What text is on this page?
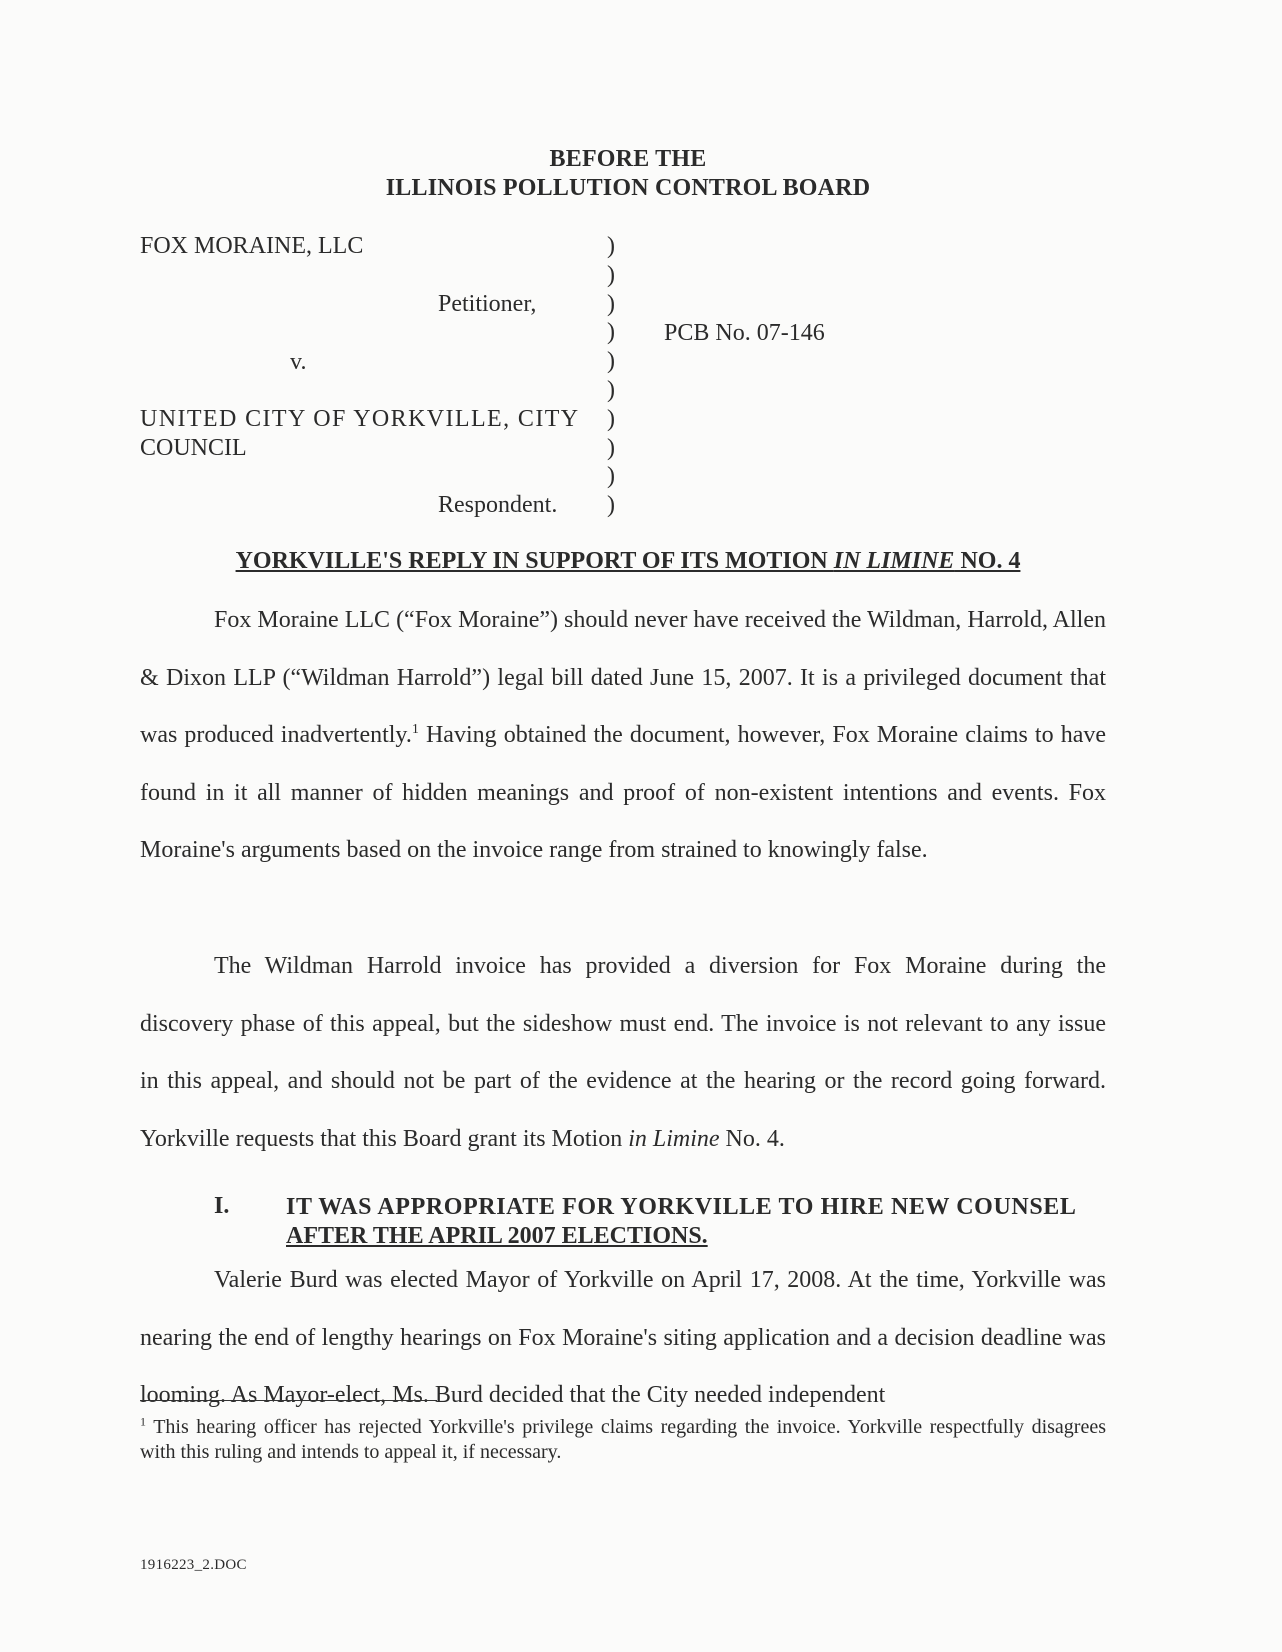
BEFORE THE
ILLINOIS POLLUTION CONTROL BOARD
FOX MORAINE, LLC
Petitioner,
v.
UNITED CITY OF YORKVILLE, CITY
COUNCIL
Respondent.
PCB No. 07-146
)
)
)
)
)
)
)
)
)
)
YORKVILLE'S REPLY IN SUPPORT OF ITS MOTION IN LIMINE NO. 4

Fox Moraine LLC (“Fox Moraine”) should never have received the Wildman, Harrold, Allen & Dixon LLP (“Wildman Harrold”) legal bill dated June 15, 2007. It is a privileged document that was produced inadvertently.$^1$ Having obtained the document, however, Fox Moraine claims to have found in it all manner of hidden meanings and proof of non-existent intentions and events. Fox Moraine's arguments based on the invoice range from strained to knowingly false.

The Wildman Harrold invoice has provided a diversion for Fox Moraine during the discovery phase of this appeal, but the sideshow must end. The invoice is not relevant to any issue in this appeal, and should not be part of the evidence at the hearing or the record going forward. Yorkville requests that this Board grant its Motion in Limine No. 4.

I. IT WAS APPROPRIATE FOR YORKVILLE TO HIRE NEW COUNSEL
AFTER THE APRIL 2007 ELECTIONS.

Valerie Burd was elected Mayor of Yorkville on April 17, 2008. At the time, Yorkville was nearing the end of lengthy hearings on Fox Moraine's siting application and a decision deadline was looming. As Mayor-elect, Ms. Burd decided that the City needed independent

$^1$ This hearing officer has rejected Yorkville's privilege claims regarding the invoice. Yorkville respectfully disagrees with this ruling and intends to appeal it, if necessary.
1916223_2.DOC
